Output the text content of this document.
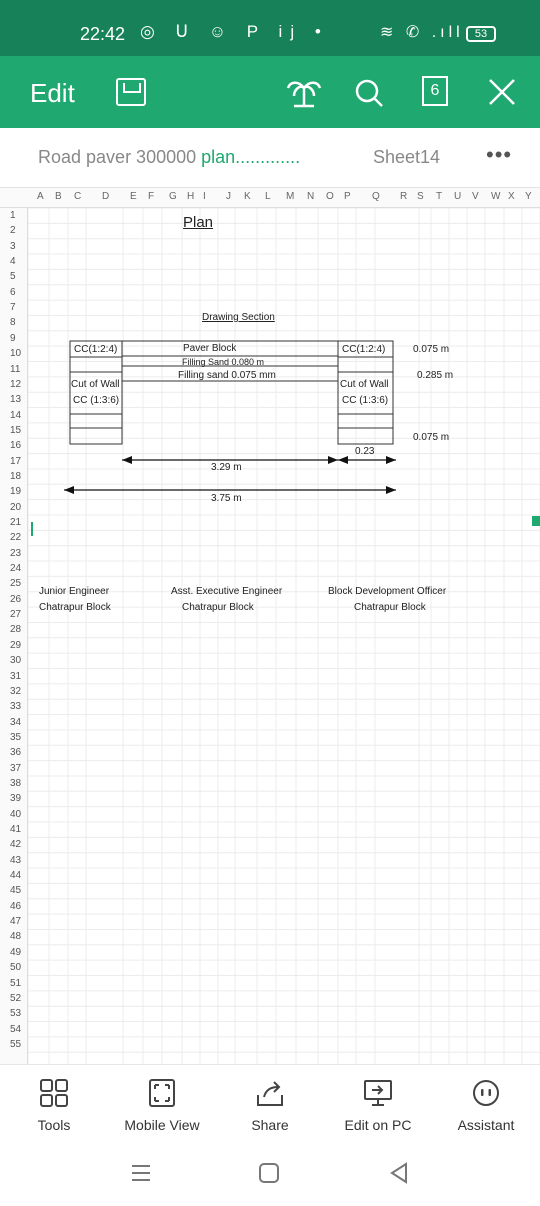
22:42 ◎ ᑌ ☺ P ij •	≋ ✆ .ıll	53
Edit	6
Road paver 300000 plan.............	Sheet14 •••
A B C D E F G H I J K L M N O P Q R S T U V W X Y
1
2
3
4
5
6
7
8
9
10
11
12
13
14
15
16
17
18
19
20
21
22
23
24
25
26
27
28
29
30
31
32
33
34
35
36
37
38
39
40
41
42
43
44
45
46
47
48
49
50
51
52
53
54
55
Plan
Drawing Section
CC(1:2:4)	Paver Block
Filling Sand 0.080 m
Filling sand 0.075 mm
CC(1:2:4)	0.075 m
0.285 m
Cut of Wall
CC (1:3:6)
Cut of Wall
CC (1:3:6)
0.075 m
0.23
3.29 m
3.75 m
Junior Engineer
Chatrapur Block
Asst. Executive Engineer
Chatrapur Block
Block Development Officer
Chatrapur Block
Tools	Mobile View	Share	Edit on PC	Assistant
